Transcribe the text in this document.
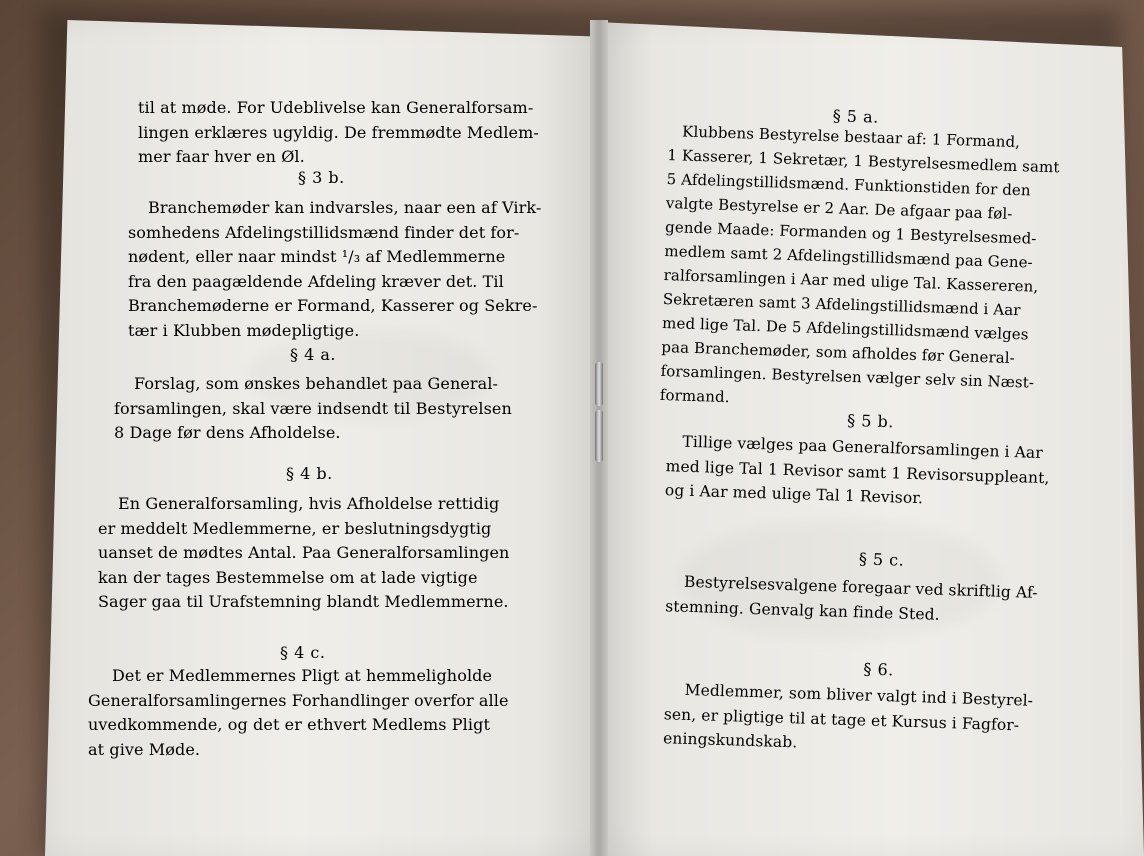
til at møde. For Udeblivelse kan Generalforsam-

lingen erklæres ugyldig. De fremmødte Medlem-

mer faar hver en Øl.

§ 3 b.

Branchemøder kan indvarsles, naar een af Virk-

somhedens Afdelingstillidsmænd finder det for-

nødent, eller naar mindst ¹/₃ af Medlemmerne

fra den paagældende Afdeling kræver det. Til

Branchemøderne er Formand, Kasserer og Sekre-

tær i Klubben mødepligtige.

§ 4 a.

Forslag, som ønskes behandlet paa General-

forsamlingen, skal være indsendt til Bestyrelsen

8 Dage før dens Afholdelse.

§ 4 b.

En Generalforsamling, hvis Afholdelse rettidig

er meddelt Medlemmerne, er beslutningsdygtig

uanset de mødtes Antal. Paa Generalforsamlingen

kan der tages Bestemmelse om at lade vigtige

Sager gaa til Urafstemning blandt Medlemmerne.

§ 4 c.

Det er Medlemmernes Pligt at hemmeligholde

Generalforsamlingernes Forhandlinger overfor alle

uvedkommende, og det er ethvert Medlems Pligt

at give Møde.

§ 5 a.

Klubbens Bestyrelse bestaar af: 1 Formand,

1 Kasserer, 1 Sekretær, 1 Bestyrelsesmedlem samt

5 Afdelingstillidsmænd. Funktionstiden for den

valgte Bestyrelse er 2 Aar. De afgaar paa føl-

gende Maade: Formanden og 1 Bestyrelsesmed-

medlem samt 2 Afdelingstillidsmænd paa Gene-

ralforsamlingen i Aar med ulige Tal. Kassereren,

Sekretæren samt 3 Afdelingstillidsmænd i Aar

med lige Tal. De 5 Afdelingstillidsmænd vælges

paa Branchemøder, som afholdes før General-

forsamlingen. Bestyrelsen vælger selv sin Næst-

formand.

§ 5 b.

Tillige vælges paa Generalforsamlingen i Aar

med lige Tal 1 Revisor samt 1 Revisorsuppleant,

og i Aar med ulige Tal 1 Revisor.

§ 5 c.

Bestyrelsesvalgene foregaar ved skriftlig Af-

stemning. Genvalg kan finde Sted.

§ 6.

Medlemmer, som bliver valgt ind i Bestyrel-

sen, er pligtige til at tage et Kursus i Fagfor-

eningskundskab.
